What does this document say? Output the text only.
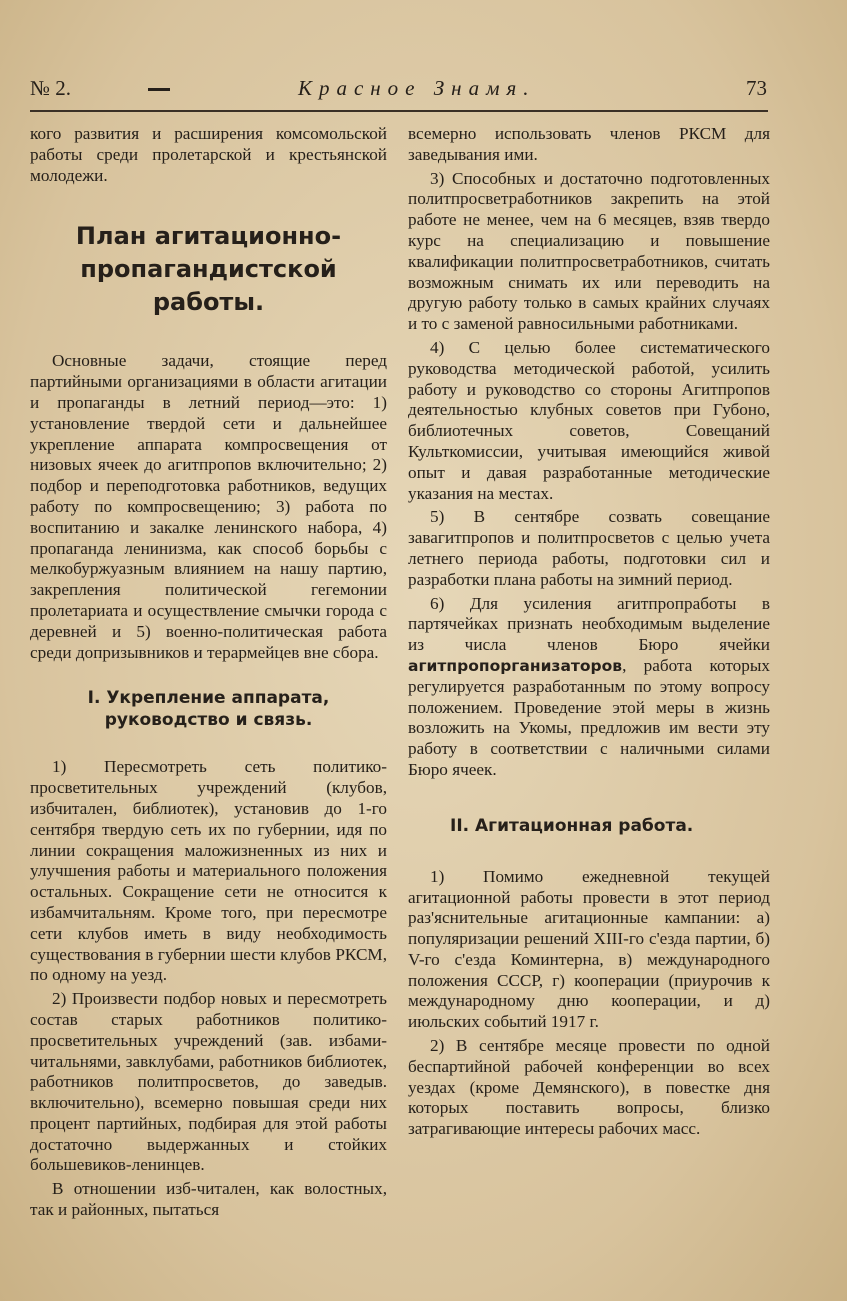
№ 2.	Красное Знамя.	73

кого развития и расширения комсомольской работы среди пролетарской и крестьянской молодежи.

План агитационно-пропагандистской работы.

Основные задачи, стоящие перед партийными организациями в области агитации и пропаганды в летний период—это: 1) установление твердой сети и дальнейшее укрепление аппарата компросвещения от низовых ячеек до агитпропов включительно; 2) подбор и переподготовка работников, ведущих работу по компросвещению; 3) работа по воспитанию и закалке ленинского набора, 4) пропаганда ленинизма, как способ борьбы с мелкобуржуазным влиянием на нашу партию, закрепления политической гегемонии пролетариата и осуществление смычки города с деревней и 5) военно-политическая работа среди допризывников и терармейцев вне сбора.

I. Укрепление аппарата, руководство и связь.

1) Пересмотреть сеть политико-просветительных учреждений (клубов, избчитален, библиотек), установив до 1-го сентября твердую сеть их по губернии, идя по линии сокращения маложизненных из них и улучшения работы и материального положения остальных. Сокращение сети не относится к избамчитальням. Кроме того, при пересмотре сети клубов иметь в виду необходимость существования в губернии шести клубов РКСМ, по одному на уезд.

2) Произвести подбор новых и пересмотреть состав старых работников политико-просветительных учреждений (зав. избами-читальнями, завклубами, работников библиотек, работников политпросветов, до заведыв. включительно), всемерно повышая среди них процент партийных, подбирая для этой работы достаточно выдержанных и стойких большевиков-ленинцев.

В отношении изб-читален, как волостных, так и районных, пытаться

всемерно использовать членов РКСМ для заведывания ими.

3) Способных и достаточно подготовленных политпросветработников закрепить на этой работе не менее, чем на 6 месяцев, взяв твердо курс на специализацию и повышение квалификации политпросветработников, считать возможным снимать их или переводить на другую работу только в самых крайних случаях и то с заменой равносильными работниками.

4) С целью более систематического руководства методической работой, усилить работу и руководство со стороны Агитпропов деятельностью клубных советов при Губоно, библиотечных советов, Совещаний Культкомиссии, учитывая имеющийся живой опыт и давая разработанные методические указания на местах.

5) В сентябре созвать совещание завагитпропов и политпросветов с целью учета летнего периода работы, подготовки сил и разработки плана работы на зимний период.

6) Для усиления агитпропработы в партячейках признать необходимым выделение из числа членов Бюро ячейки агитпропорганизаторов, работа которых регулируется разработанным по этому вопросу положением. Проведение этой меры в жизнь возложить на Укомы, предложив им вести эту работу в соответствии с наличными силами Бюро ячеек.

II. Агитационная работа.

1) Помимо ежедневной текущей агитационной работы провести в этот период раз'яснительные агитационные кампании: а) популяризации решений XIII-го с'езда партии, б) V-го с'езда Коминтерна, в) международного положения СССР, г) кооперации (приурочив к международному дню кооперации, и д) июльских событий 1917 г.

2) В сентябре месяце провести по одной беспартийной рабочей конференции во всех уездах (кроме Демянского), в повестке дня которых поставить вопросы, близко затрагивающие интересы рабочих масс.
